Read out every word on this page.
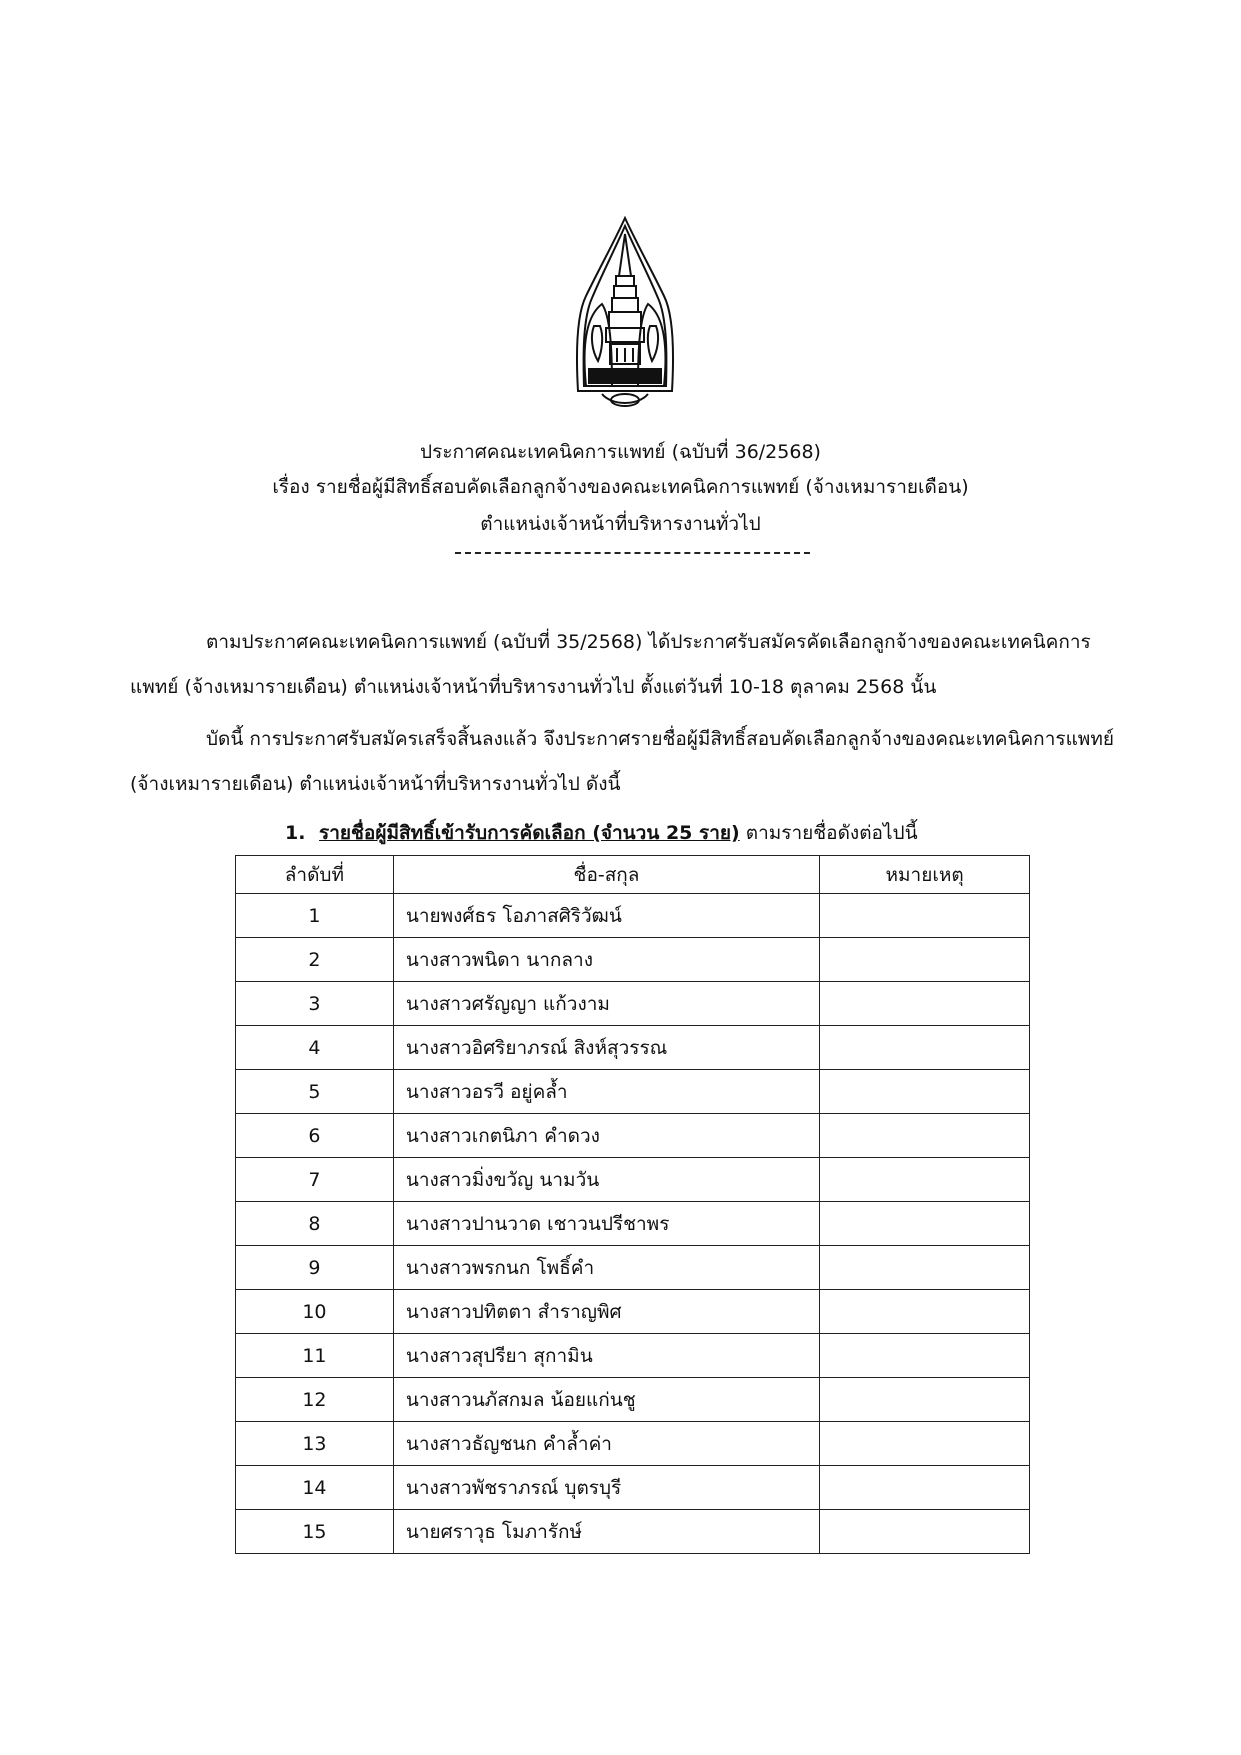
ประกาศคณะเทคนิคการแพทย์ (ฉบับที่ 36/2568)
เรื่อง รายชื่อผู้มีสิทธิ์สอบคัดเลือกลูกจ้างของคณะเทคนิคการแพทย์ (จ้างเหมารายเดือน)
ตำแหน่งเจ้าหน้าที่บริหารงานทั่วไป
ตามประกาศคณะเทคนิคการแพทย์ (ฉบับที่ 35/2568) ได้ประกาศรับสมัครคัดเลือกลูกจ้างของคณะเทคนิคการแพทย์ (จ้างเหมารายเดือน) ตำแหน่งเจ้าหน้าที่บริหารงานทั่วไป ตั้งแต่วันที่ 10-18 ตุลาคม 2568 นั้น
บัดนี้ การประกาศรับสมัครเสร็จสิ้นลงแล้ว จึงประกาศรายชื่อผู้มีสิทธิ์สอบคัดเลือกลูกจ้างของคณะเทคนิคการแพทย์ (จ้างเหมารายเดือน) ตำแหน่งเจ้าหน้าที่บริหารงานทั่วไป ดังนี้
1. รายชื่อผู้มีสิทธิ์เข้ารับการคัดเลือก (จำนวน 25 ราย) ตามรายชื่อดังต่อไปนี้
ลำดับที่	ชื่อ-สกุล	หมายเหตุ
1	นายพงศ์ธร โอภาสศิริวัฒน์	
2	นางสาวพนิดา นากลาง	
3	นางสาวศรัญญา แก้วงาม	
4	นางสาวอิศริยาภรณ์ สิงห์สุวรรณ	
5	นางสาวอรวี อยู่คล้ำ	
6	นางสาวเกตนิภา คำดวง	
7	นางสาวมิ่งขวัญ นามวัน	
8	นางสาวปานวาด เชาวนปรีชาพร	
9	นางสาวพรกนก โพธิ์คำ	
10	นางสาวปทิตตา สำราญพิศ	
11	นางสาวสุปรียา สุกามิน	
12	นางสาวนภัสกมล น้อยแก่นชู	
13	นางสาวธัญชนก คำล้ำค่า	
14	นางสาวพัชราภรณ์ บุตรบุรี	
15	นายศราวุธ โมภารักษ์	
